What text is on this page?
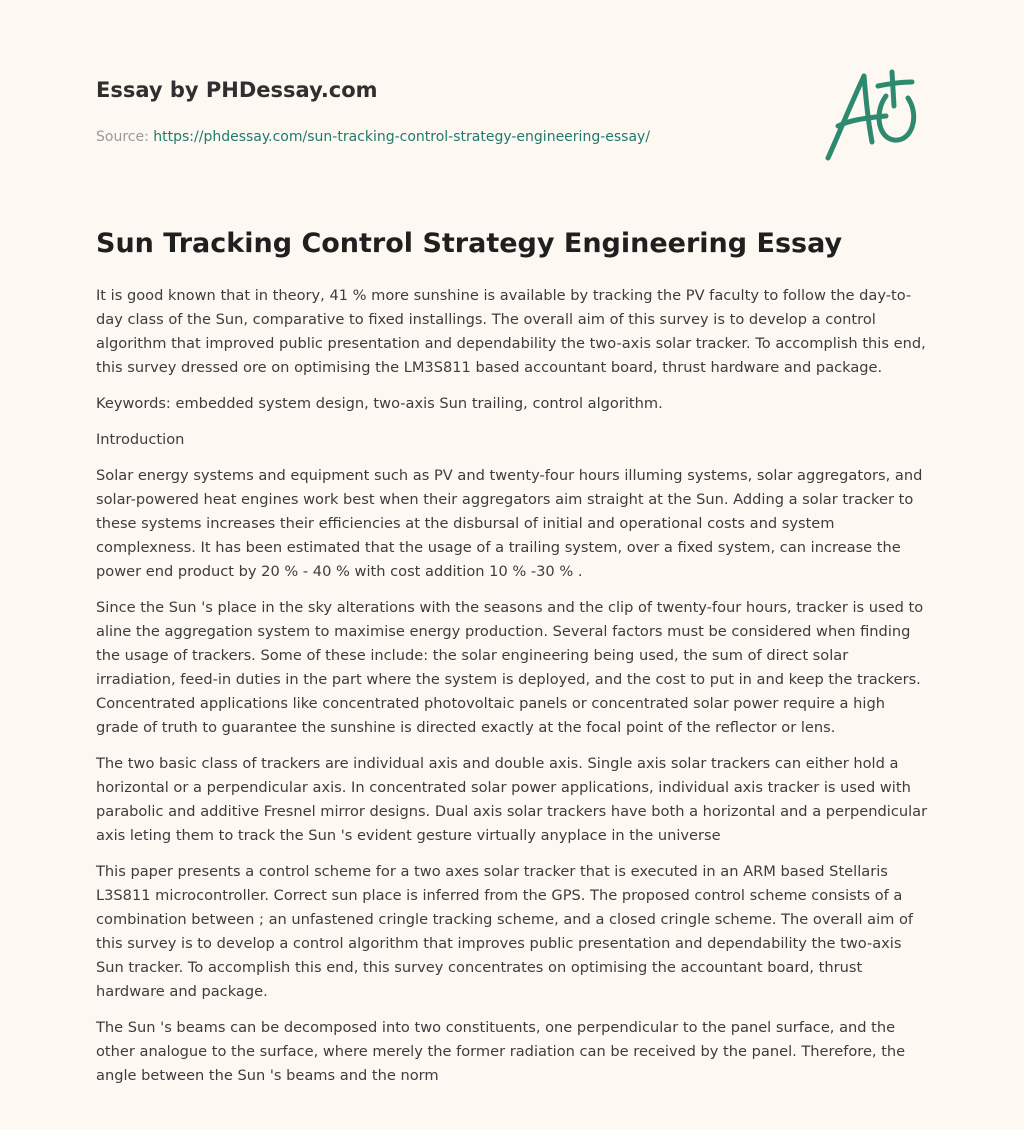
Essay by PHDessay.com
Source: https://phdessay.com/sun-tracking-control-strategy-engineering-essay/
Sun Tracking Control Strategy Engineering Essay

It is good known that in theory, 41 % more sunshine is available by tracking the PV faculty to follow the day-to-day class of the Sun, comparative to fixed installings. The overall aim of this survey is to develop a control algorithm that improved public presentation and dependability the two-axis solar tracker. To accomplish this end, this survey dressed ore on optimising the LM3S811 based accountant board, thrust hardware and package.

Keywords: embedded system design, two-axis Sun trailing, control algorithm.

Introduction

Solar energy systems and equipment such as PV and twenty-four hours illuming systems, solar aggregators, and solar-powered heat engines work best when their aggregators aim straight at the Sun. Adding a solar tracker to these systems increases their efficiencies at the disbursal of initial and operational costs and system complexness. It has been estimated that the usage of a trailing system, over a fixed system, can increase the power end product by 20 % - 40 % with cost addition 10 % -30 % .

Since the Sun 's place in the sky alterations with the seasons and the clip of twenty-four hours, tracker is used to aline the aggregation system to maximise energy production. Several factors must be considered when finding the usage of trackers. Some of these include: the solar engineering being used, the sum of direct solar irradiation, feed-in duties in the part where the system is deployed, and the cost to put in and keep the trackers. Concentrated applications like concentrated photovoltaic panels or concentrated solar power require a high grade of truth to guarantee the sunshine is directed exactly at the focal point of the reflector or lens.

The two basic class of trackers are individual axis and double axis. Single axis solar trackers can either hold a horizontal or a perpendicular axis. In concentrated solar power applications, individual axis tracker is used with parabolic and additive Fresnel mirror designs. Dual axis solar trackers have both a horizontal and a perpendicular axis leting them to track the Sun 's evident gesture virtually anyplace in the universe

This paper presents a control scheme for a two axes solar tracker that is executed in an ARM based Stellaris L3S811 microcontroller. Correct sun place is inferred from the GPS. The proposed control scheme consists of a combination between ; an unfastened cringle tracking scheme, and a closed cringle scheme. The overall aim of this survey is to develop a control algorithm that improves public presentation and dependability the two-axis Sun tracker. To accomplish this end, this survey concentrates on optimising the accountant board, thrust hardware and package.

The Sun 's beams can be decomposed into two constituents, one perpendicular to the panel surface, and the other analogue to the surface, where merely the former radiation can be received by the panel. Therefore, the angle between the Sun 's beams and the norm
